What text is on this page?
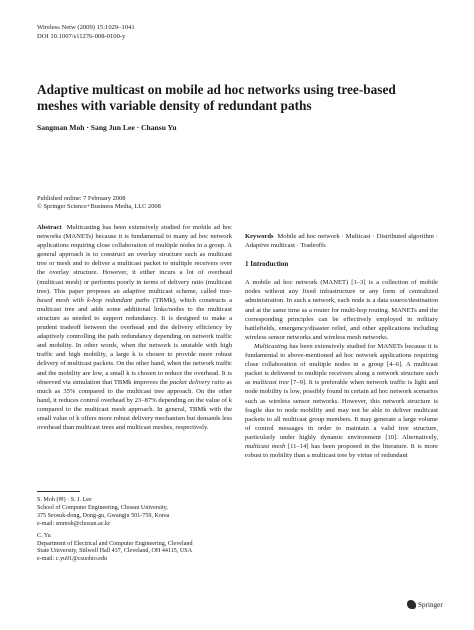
Wireless Netw (2009) 15:1029–1041
DOI 10.1007/s11276-008-0100-y
Adaptive multicast on mobile ad hoc networks using tree-based meshes with variable density of redundant paths
Sangman Moh · Sang Jun Lee · Chansu Yu
Published online: 7 February 2008
© Springer Science+Business Media, LLC 2008

Abstract Multicasting has been extensively studied for mobile ad hoc networks (MANETs) because it is fundamental to many ad hoc network applications requiring close collaboration of multiple nodes in a group. A general approach is to construct an overlay structure such as multicast tree or mesh and to deliver a multicast packet to multiple receivers over the overlay structure. However, it either incurs a lot of overhead (multicast mesh) or performs poorly in terms of delivery ratio (multicast tree). This paper proposes an adaptive multicast scheme, called tree-based mesh with k-hop redundant paths (TBMk), which constructs a multicast tree and adds some additional links/nodes to the multicast structure as needed to support redundancy. It is designed to make a prudent tradeoff between the overhead and the delivery efficiency by adaptively controlling the path redundancy depending on network traffic and mobility. In other words, when the network is unstable with high traffic and high mobility, a large k is chosen to provide more robust delivery of multicast packets. On the other hand, when the network traffic and the mobility are low, a small k is chosen to reduce the overhead. It is observed via simulation that TBMk improves the packet delivery ratio as much as 35% compared to the multicast tree approach. On the other hand, it reduces control overhead by 23–87% depending on the value of k compared to the multicast mesh approach. In general, TBMk with the small value of k offers more robust delivery mechanism but demands less overhead than multicast trees and multicast meshes, respectively.

Keywords  Mobile ad hoc network · Multicast · Distributed algorithm · Adaptive multicast · Tradeoffs

1 Introduction

A mobile ad hoc network (MANET) [1–3] is a collection of mobile nodes without any fixed infrastructure or any form of centralized administration. In such a network, each node is a data source/destination and at the same time as a router for multi-hop routing. MANETs and the corresponding principles can be effectively employed in military battlefields, emergency/disaster relief, and other applications including wireless sensor networks and wireless mesh networks.

Multicasting has been extensively studied for MANETs because it is fundamental to above-mentioned ad hoc network applications requiring close collaboration of multiple nodes in a group [4–6]. A multicast packet is delivered to multiple receivers along a network structure such as multicast tree [7–9]. It is preferable when network traffic is light and node mobility is low, possibly found in certain ad hoc network scenarios such as wireless sensor networks. However, this network structure is fragile due to node mobility and may not be able to deliver multicast packets to all multicast group members. It may generate a large volume of control messages in order to maintain a valid tree structure, particularly under highly dynamic environment [10]. Alternatively, multicast mesh [11–14] has been proposed in the literature. It is more robust to mobility than a multicast tree by virtue of redundant

S. Moh (✉) · S. J. Lee
School of Computer Engineering, Chosun University,
375 Seosuk-dong, Dong-gu, Gwangju 501-759, Korea
e-mail: smmoh@chosun.ac.kr
C. Yu
Department of Electrical and Computer Engineering, Cleveland
State University, Stilwell Hall 437, Cleveland, OH 44115, USA
e-mail: c.yu91@csuohio.edu
Springer
